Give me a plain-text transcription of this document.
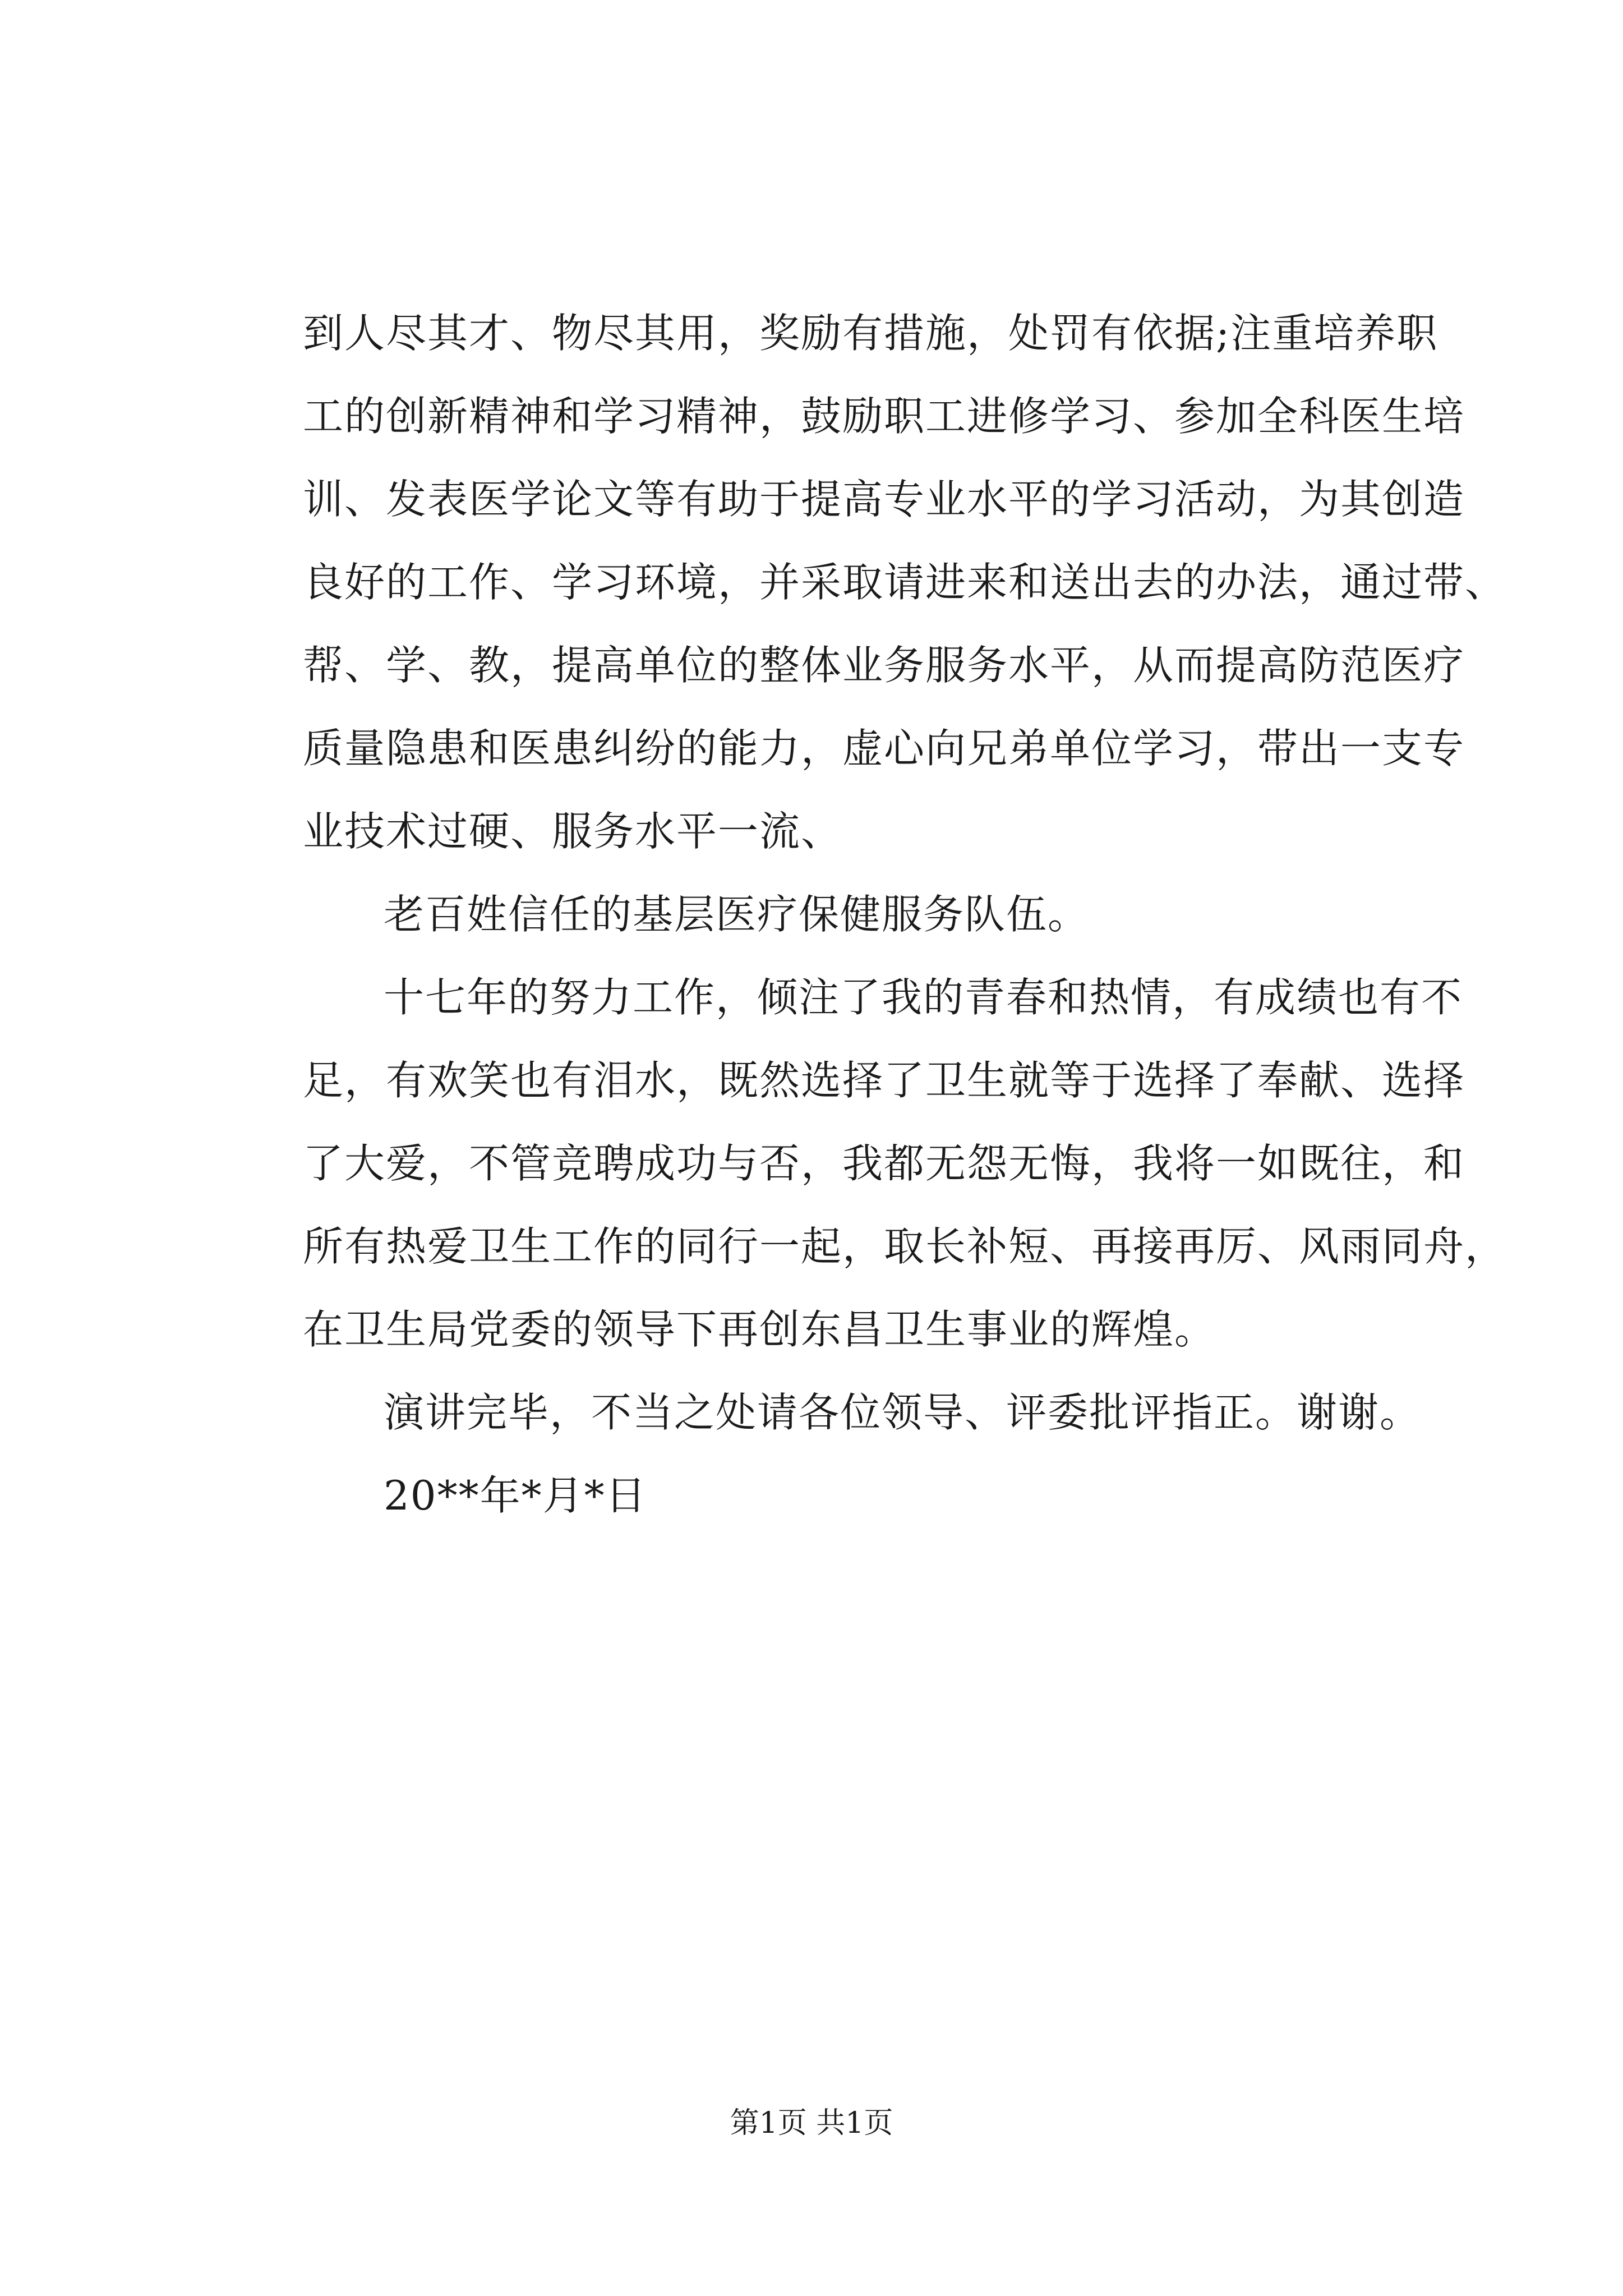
到人尽其才、物尽其用，奖励有措施，处罚有依据;注重培养职
工的创新精神和学习精神，鼓励职工进修学习、参加全科医生培
训、发表医学论文等有助于提高专业水平的学习活动，为其创造
良好的工作、学习环境，并采取请进来和送出去的办法，通过带、
帮、学、教，提高单位的整体业务服务水平，从而提高防范医疗
质量隐患和医患纠纷的能力，虚心向兄弟单位学习，带出一支专
业技术过硬、服务水平一流、
老百姓信任的基层医疗保健服务队伍。
十七年的努力工作，倾注了我的青春和热情，有成绩也有不
足，有欢笑也有泪水，既然选择了卫生就等于选择了奉献、选择
了大爱，不管竞聘成功与否，我都无怨无悔，我将一如既往，和
所有热爱卫生工作的同行一起，取长补短、再接再厉、风雨同舟，
在卫生局党委的领导下再创东昌卫生事业的辉煌。
演讲完毕，不当之处请各位领导、评委批评指正。谢谢。
20**年*月*日
第1页 共1页
